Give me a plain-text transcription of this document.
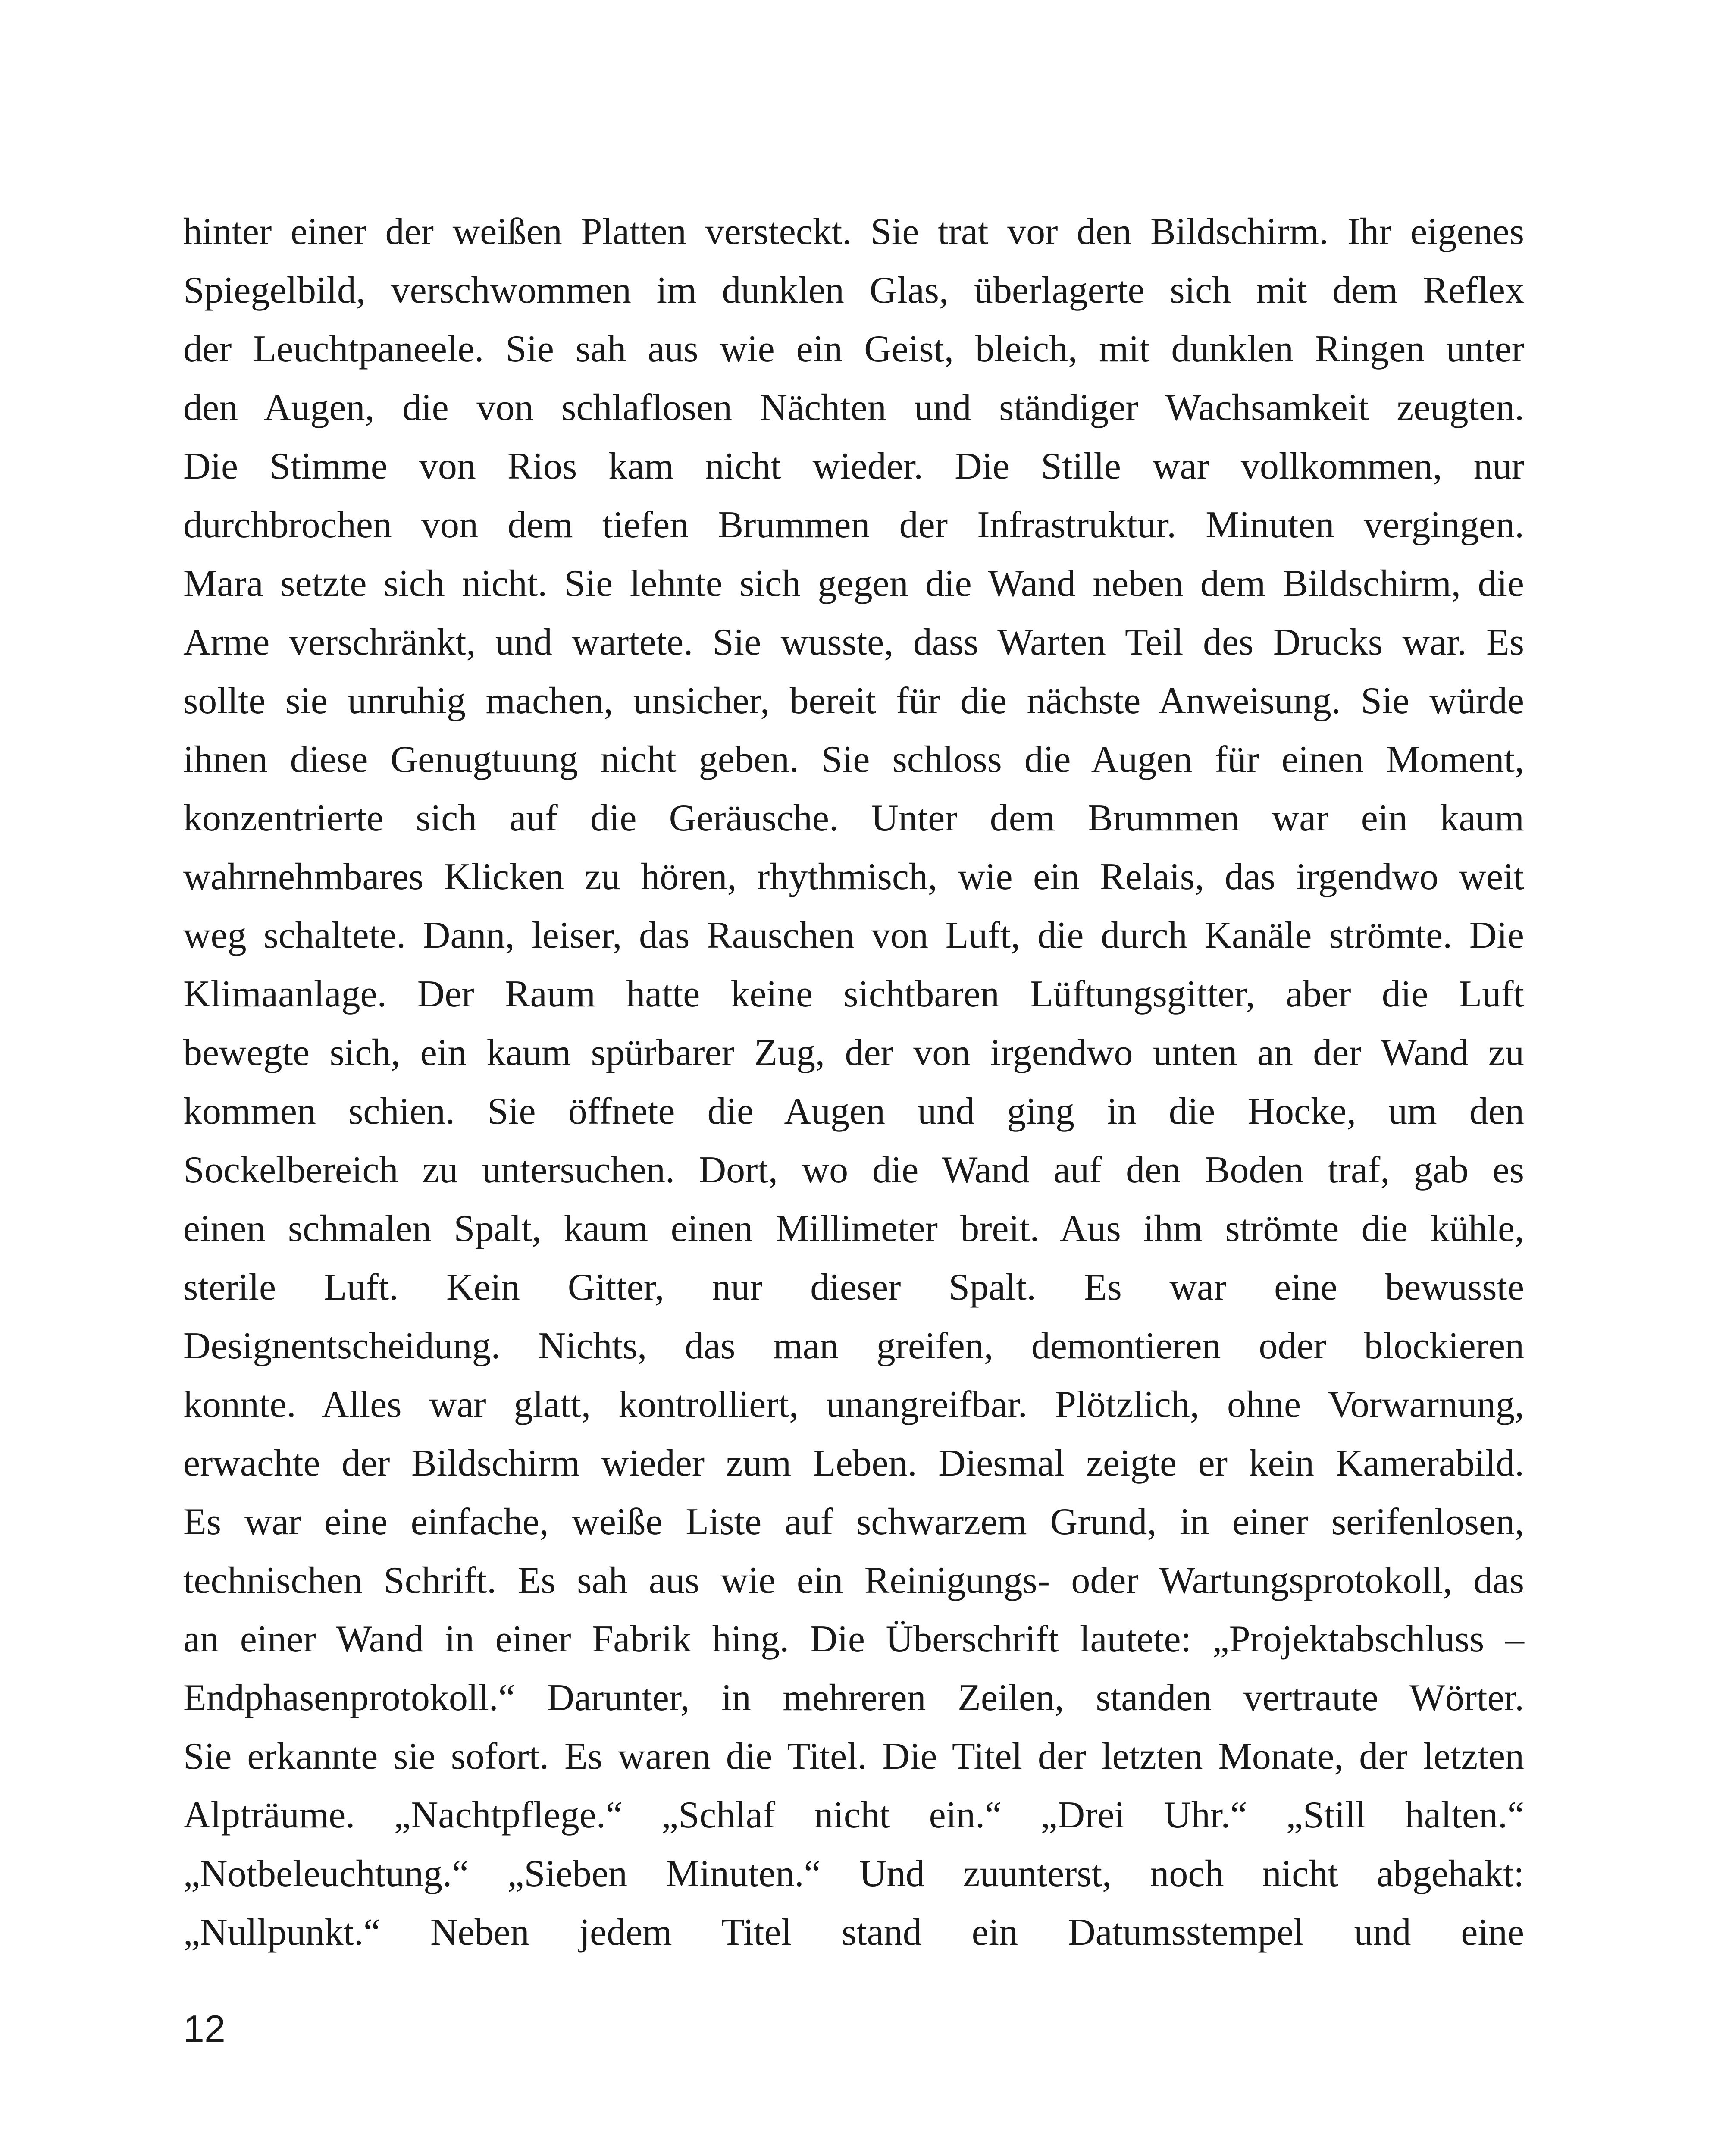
hinter einer der weißen Platten versteckt. Sie trat vor den Bildschirm. Ihr eigenes
Spiegelbild, verschwommen im dunklen Glas, überlagerte sich mit dem Reflex
der Leuchtpaneele. Sie sah aus wie ein Geist, bleich, mit dunklen Ringen unter
den Augen, die von schlaflosen Nächten und ständiger Wachsamkeit zeugten.
Die Stimme von Rios kam nicht wieder. Die Stille war vollkommen, nur
durchbrochen von dem tiefen Brummen der Infrastruktur. Minuten vergingen.
Mara setzte sich nicht. Sie lehnte sich gegen die Wand neben dem Bildschirm, die
Arme verschränkt, und wartete. Sie wusste, dass Warten Teil des Drucks war. Es
sollte sie unruhig machen, unsicher, bereit für die nächste Anweisung. Sie würde
ihnen diese Genugtuung nicht geben. Sie schloss die Augen für einen Moment,
konzentrierte sich auf die Geräusche. Unter dem Brummen war ein kaum
wahrnehmbares Klicken zu hören, rhythmisch, wie ein Relais, das irgendwo weit
weg schaltete. Dann, leiser, das Rauschen von Luft, die durch Kanäle strömte. Die
Klimaanlage. Der Raum hatte keine sichtbaren Lüftungsgitter, aber die Luft
bewegte sich, ein kaum spürbarer Zug, der von irgendwo unten an der Wand zu
kommen schien. Sie öffnete die Augen und ging in die Hocke, um den
Sockelbereich zu untersuchen. Dort, wo die Wand auf den Boden traf, gab es
einen schmalen Spalt, kaum einen Millimeter breit. Aus ihm strömte die kühle,
sterile Luft. Kein Gitter, nur dieser Spalt. Es war eine bewusste
Designentscheidung. Nichts, das man greifen, demontieren oder blockieren
konnte. Alles war glatt, kontrolliert, unangreifbar. Plötzlich, ohne Vorwarnung,
erwachte der Bildschirm wieder zum Leben. Diesmal zeigte er kein Kamerabild.
Es war eine einfache, weiße Liste auf schwarzem Grund, in einer serifenlosen,
technischen Schrift. Es sah aus wie ein Reinigungs- oder Wartungsprotokoll, das
an einer Wand in einer Fabrik hing. Die Überschrift lautete: „Projektabschluss –
Endphasenprotokoll.“ Darunter, in mehreren Zeilen, standen vertraute Wörter.
Sie erkannte sie sofort. Es waren die Titel. Die Titel der letzten Monate, der letzten
Alpträume. „Nachtpflege.“ „Schlaf nicht ein.“ „Drei Uhr.“ „Still halten.“
„Notbeleuchtung.“ „Sieben Minuten.“ Und zuunterst, noch nicht abgehakt:
„Nullpunkt.“ Neben jedem Titel stand ein Datumsstempel und eine
12
